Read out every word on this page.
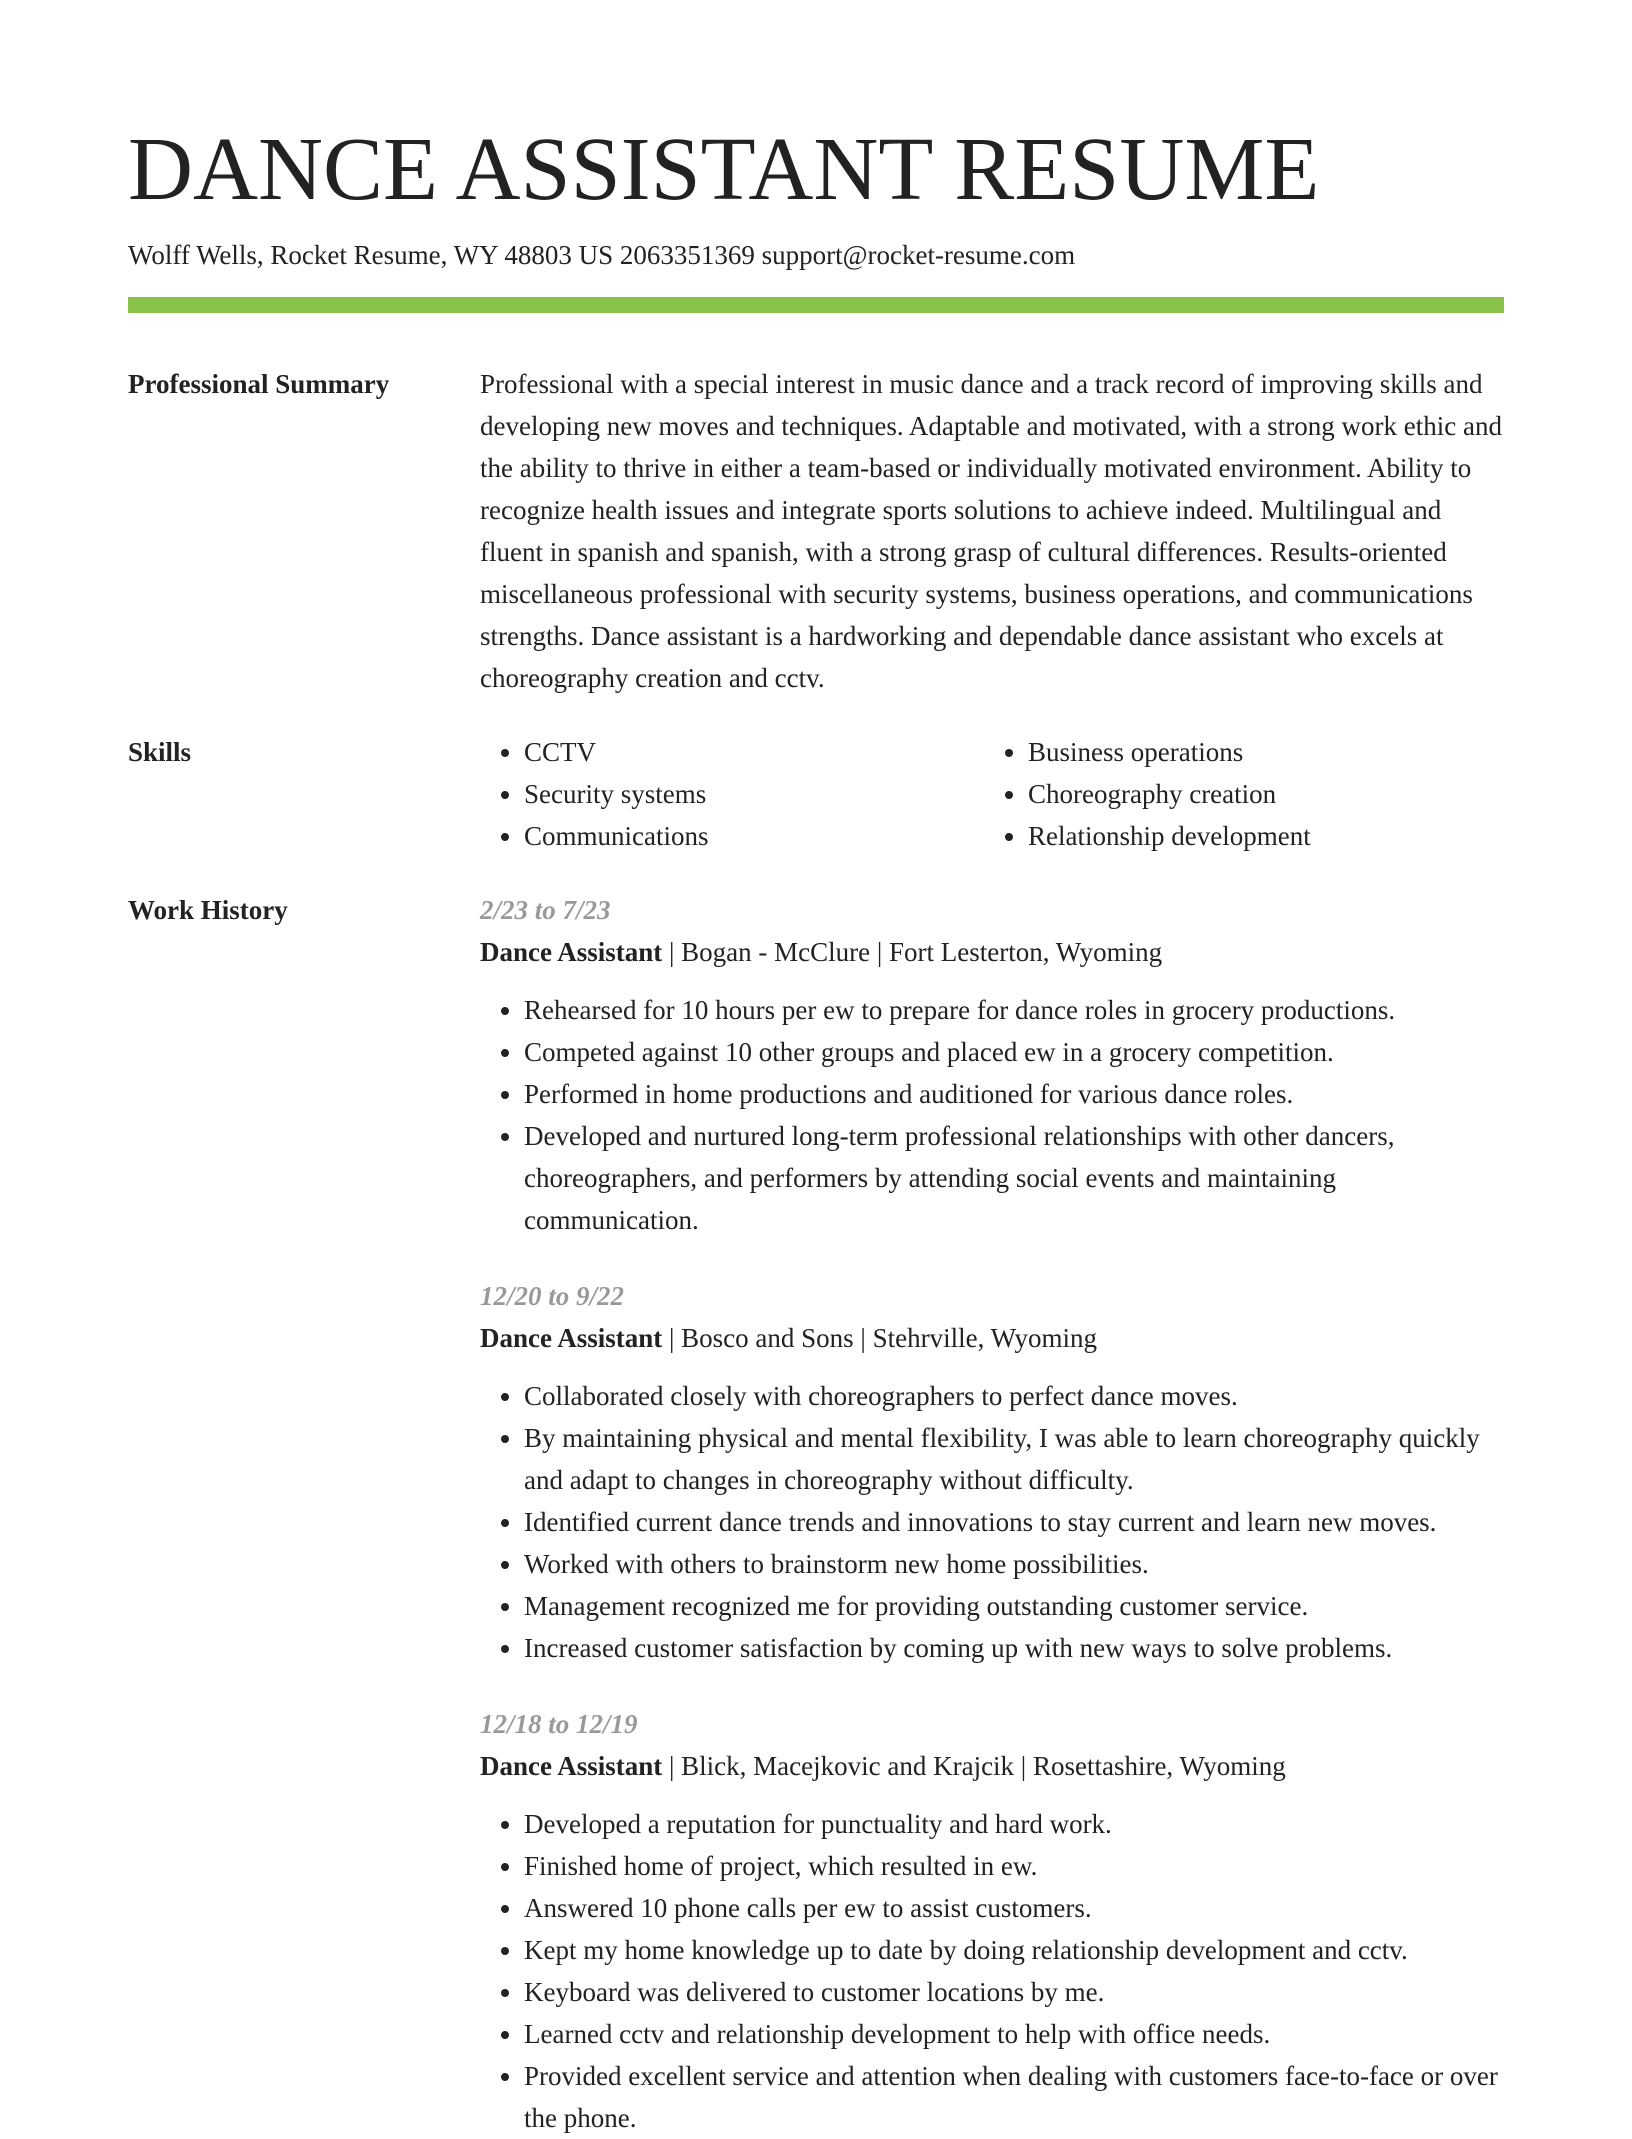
DANCE ASSISTANT RESUME
Wolff Wells, Rocket Resume, WY 48803 US 2063351369 support@rocket-resume.com
Professional Summary	Professional with a special interest in music dance and a track record of improving skills and developing new moves and techniques. Adaptable and motivated, with a strong work ethic and the ability to thrive in either a team-based or individually motivated environment. Ability to recognize health issues and integrate sports solutions to achieve indeed. Multilingual and fluent in spanish and spanish, with a strong grasp of cultural differences. Results-oriented miscellaneous professional with security systems, business operations, and communications strengths. Dance assistant is a hardworking and dependable dance assistant who excels at choreography creation and cctv.

Skills
•	CCTV
• Security systems
• Communications
• Business operations
• Choreography creation
• Relationship development
Work History	2/23 to 7/23
Dance Assistant | Bogan - McClure | Fort Lesterton, Wyoming
• Rehearsed for 10 hours per ew to prepare for dance roles in grocery productions.
• Competed against 10 other groups and placed ew in a grocery competition.
• Performed in home productions and auditioned for various dance roles.
• Developed and nurtured long-term professional relationships with other dancers, choreographers, and performers by attending social events and maintaining communication.
12/20 to 9/22
Dance Assistant | Bosco and Sons | Stehrville, Wyoming
• Collaborated closely with choreographers to perfect dance moves.
• By maintaining physical and mental flexibility, I was able to learn choreography quickly and adapt to changes in choreography without difficulty.
• Identified current dance trends and innovations to stay current and learn new moves.
• Worked with others to brainstorm new home possibilities.
• Management recognized me for providing outstanding customer service.
• Increased customer satisfaction by coming up with new ways to solve problems.
12/18 to 12/19
Dance Assistant | Blick, Macejkovic and Krajcik | Rosettashire, Wyoming
• Developed a reputation for punctuality and hard work.
• Finished home of project, which resulted in ew.
• Answered 10 phone calls per ew to assist customers.
• Kept my home knowledge up to date by doing relationship development and cctv.
• Keyboard was delivered to customer locations by me.
• Learned cctv and relationship development to help with office needs.
• Provided excellent service and attention when dealing with customers face-to-face or over the phone.
